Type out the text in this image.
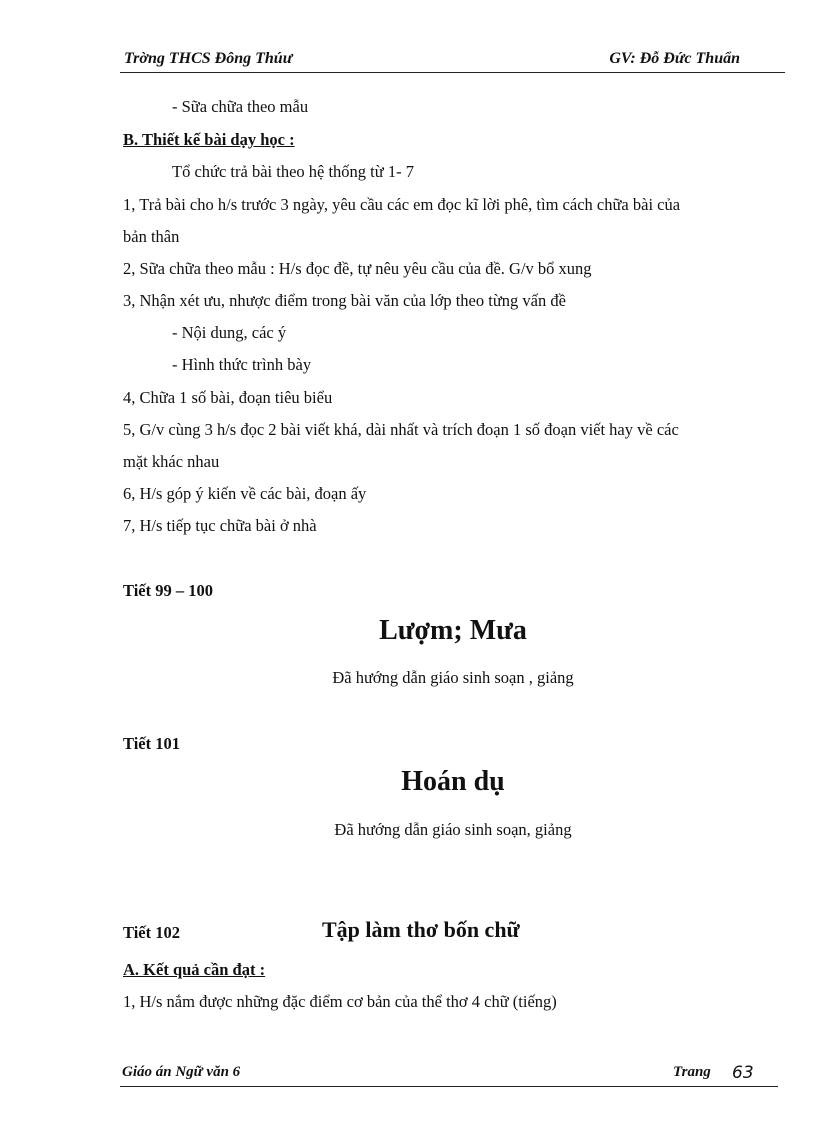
Trờng THCS Đông Thúư	GV: Đỗ Đức Thuẩn
- Sữa chữa theo mẫu
B. Thiết kế bài dạy học :
Tổ chức trả bài theo hệ thống từ 1- 7
1, Trả bài cho h/s trước 3 ngày, yêu cầu các em đọc kĩ lời phê, tìm cách chữa bài của
bản thân
2, Sữa chữa theo mẫu : H/s đọc đề, tự nêu yêu cầu của đề. G/v bổ xung
3, Nhận xét ưu, nhược điểm trong bài văn của lớp theo từng vấn đề
- Nội dung, các ý
- Hình thức trình bày
4, Chữa 1 số bài, đoạn tiêu biểu
5, G/v cùng 3 h/s đọc 2 bài viết khá, dài nhất và trích đoạn 1 số đoạn viết hay về các
mặt khác nhau
6, H/s góp ý kiến về các bài, đoạn ấy
7, H/s tiếp tục chữa bài ở nhà
Tiết 99 – 100
Lượm; Mưa
Đã hướng dẫn giáo sinh soạn , giảng
Tiết 101
Hoán dụ
Đã hướng dẫn giáo sinh soạn, giảng
Tiết 102	Tập làm thơ bốn chữ
A. Kết quả cần đạt :
1, H/s nắm được những đặc điểm cơ bản của thể thơ 4 chữ (tiếng)
Giáo án Ngữ văn 6	Trang 63
